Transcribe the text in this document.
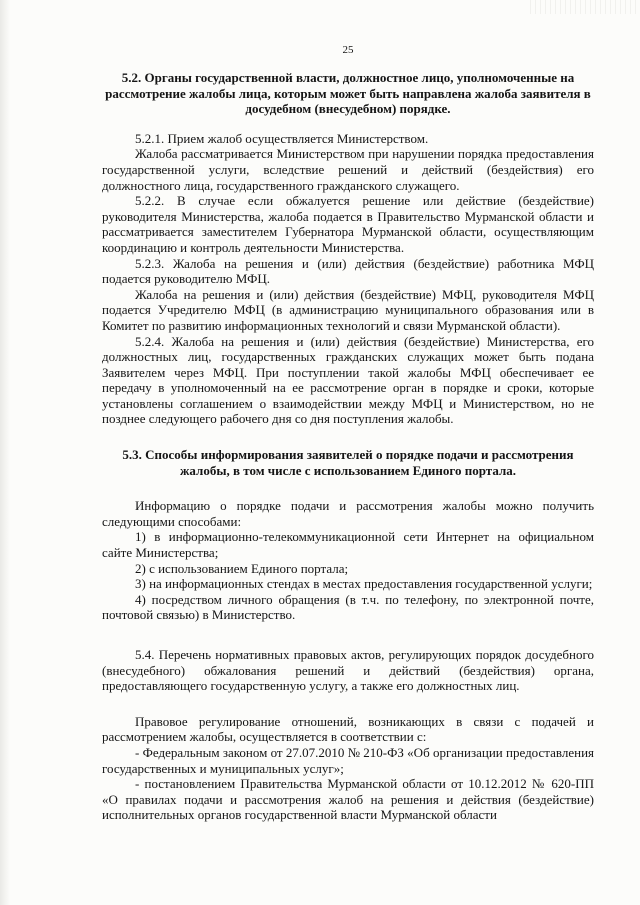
25

5.2. Органы государственной власти, должностное лицо, уполномоченные на рассмотрение жалобы лица, которым может быть направлена жалоба заявителя в досудебном (внесудебном) порядке.

5.2.1. Прием жалоб осуществляется Министерством.

Жалоба рассматривается Министерством при нарушении порядка предоставления государственной услуги, вследствие решений и действий (бездействия) его должностного лица, государственного гражданского служащего.

5.2.2. В случае если обжалуется решение или действие (бездействие) руководителя Министерства, жалоба подается в Правительство Мурманской области и рассматривается заместителем Губернатора Мурманской области, осуществляющим координацию и контроль деятельности Министерства.

5.2.3. Жалоба на решения и (или) действия (бездействие) работника МФЦ подается руководителю МФЦ.

Жалоба на решения и (или) действия (бездействие) МФЦ, руководителя МФЦ подается Учредителю МФЦ (в администрацию муниципального образования или в Комитет по развитию информационных технологий и связи Мурманской области).

5.2.4. Жалоба на решения и (или) действия (бездействие) Министерства, его должностных лиц, государственных гражданских служащих может быть подана Заявителем через МФЦ. При поступлении такой жалобы МФЦ обеспечивает ее передачу в уполномоченный на ее рассмотрение орган в порядке и сроки, которые установлены соглашением о взаимодействии между МФЦ и Министерством, но не позднее следующего рабочего дня со дня поступления жалобы.

5.3. Способы информирования заявителей о порядке подачи и рассмотрения жалобы, в том числе с использованием Единого портала.

Информацию о порядке подачи и рассмотрения жалобы можно получить следующими способами:

1) в информационно-телекоммуникационной сети Интернет на официальном сайте Министерства;

2) с использованием Единого портала;

3) на информационных стендах в местах предоставления государственной услуги;

4) посредством личного обращения (в т.ч. по телефону, по электронной почте, почтовой связью) в Министерство.

5.4. Перечень нормативных правовых актов, регулирующих порядок досудебного (внесудебного) обжалования решений и действий (бездействия) органа, предоставляющего государственную услугу, а также его должностных лиц.

Правовое регулирование отношений, возникающих в связи с подачей и рассмотрением жалобы, осуществляется в соответствии с:

- Федеральным законом от 27.07.2010 № 210-ФЗ «Об организации предоставления государственных и муниципальных услуг»;

- постановлением Правительства Мурманской области от 10.12.2012 № 620-ПП «О правилах подачи и рассмотрения жалоб на решения и действия (бездействие) исполнительных органов государственной власти Мурманской области
